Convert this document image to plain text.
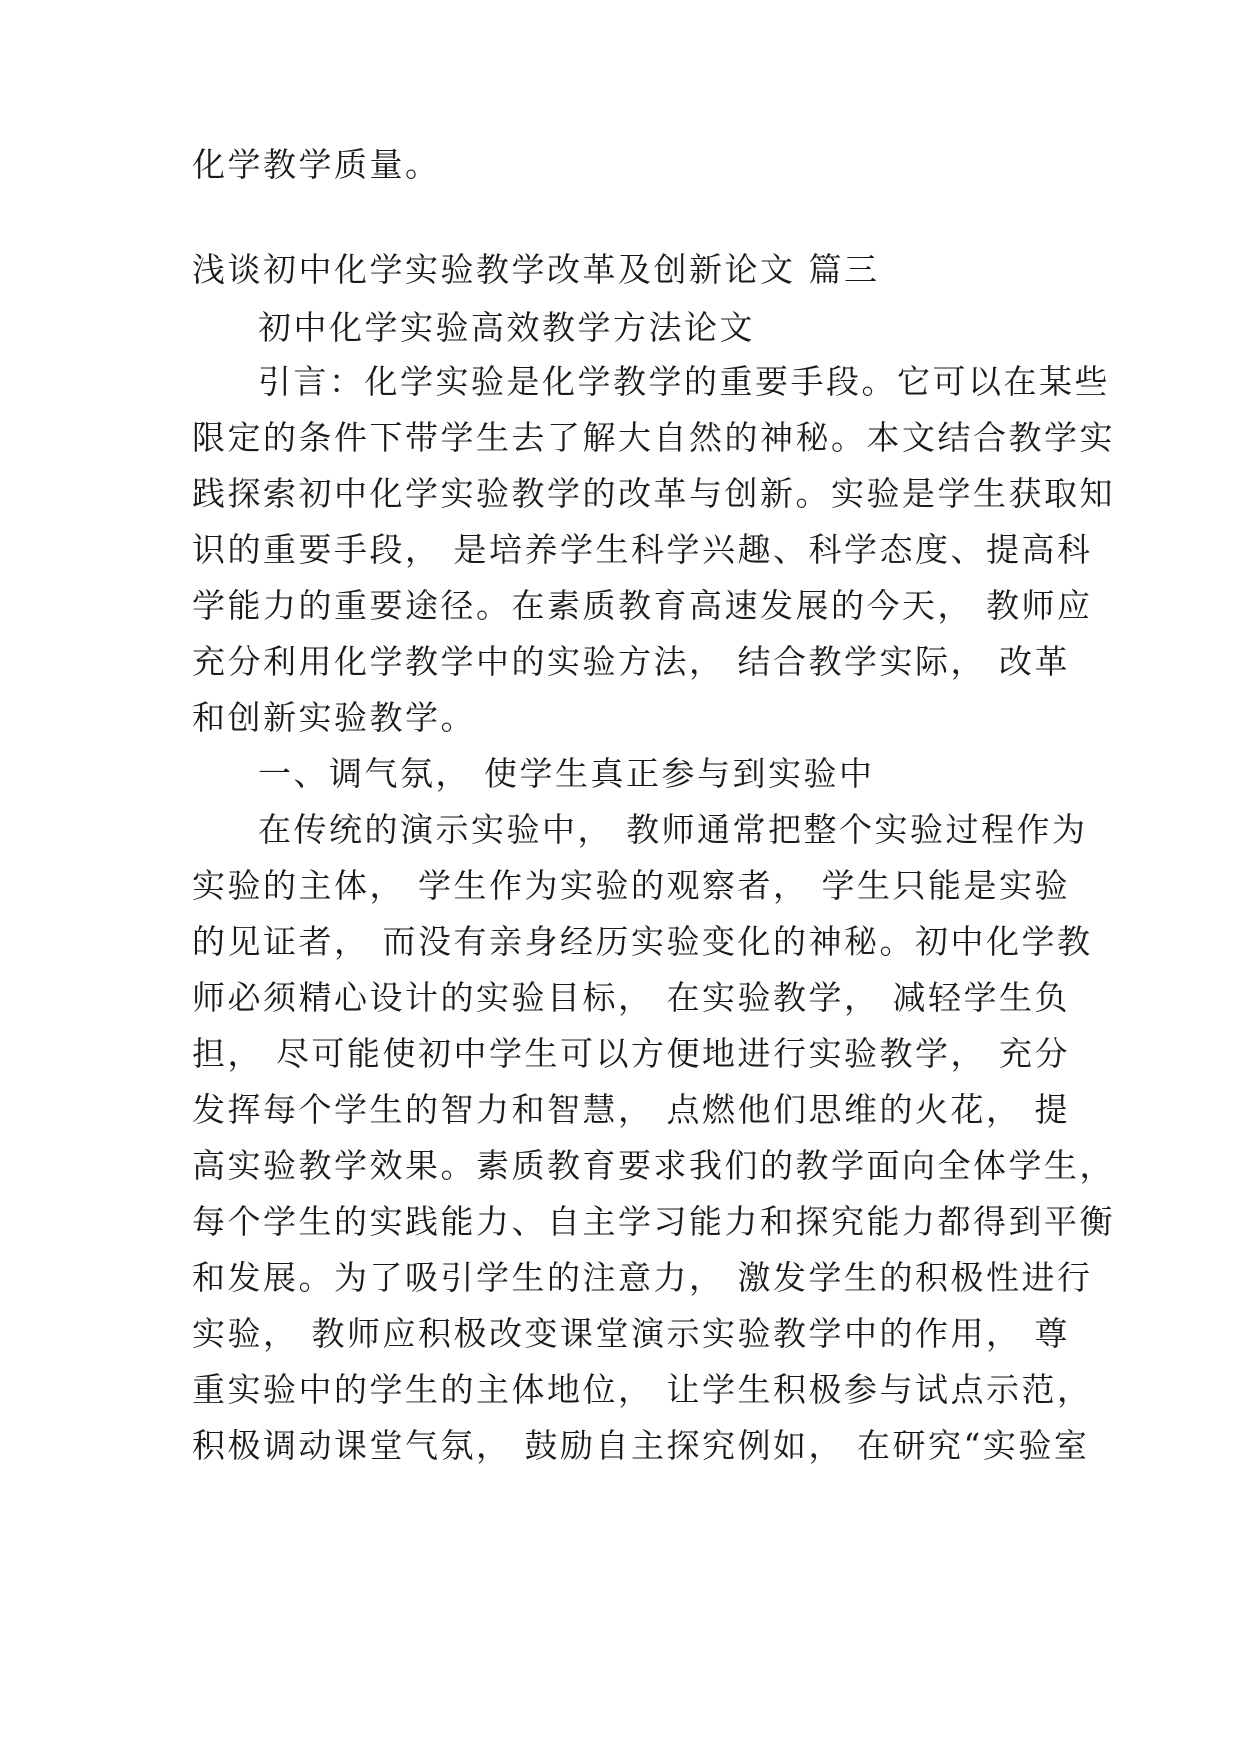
化学教学质量。
浅谈初中化学实验教学改革及创新论文 篇三
初中化学实验高效教学方法论文
引言：化学实验是化学教学的重要手段。它可以在某些
限定的条件下带学生去了解大自然的神秘。本文结合教学实
践探索初中化学实验教学的改革与创新。实验是学生获取知
识的重要手段， 是培养学生科学兴趣、科学态度、提高科
学能力的重要途径。在素质教育高速发展的今天， 教师应
充分利用化学教学中的实验方法， 结合教学实际， 改革
和创新实验教学。
一、调气氛， 使学生真正参与到实验中
在传统的演示实验中， 教师通常把整个实验过程作为
实验的主体， 学生作为实验的观察者， 学生只能是实验
的见证者， 而没有亲身经历实验变化的神秘。初中化学教
师必须精心设计的实验目标， 在实验教学， 减轻学生负
担， 尽可能使初中学生可以方便地进行实验教学， 充分
发挥每个学生的智力和智慧， 点燃他们思维的火花， 提
高实验教学效果。素质教育要求我们的教学面向全体学生，
每个学生的实践能力、自主学习能力和探究能力都得到平衡
和发展。为了吸引学生的注意力， 激发学生的积极性进行
实验， 教师应积极改变课堂演示实验教学中的作用， 尊
重实验中的学生的主体地位， 让学生积极参与试点示范，
积极调动课堂气氛， 鼓励自主探究例如， 在研究“实验室
